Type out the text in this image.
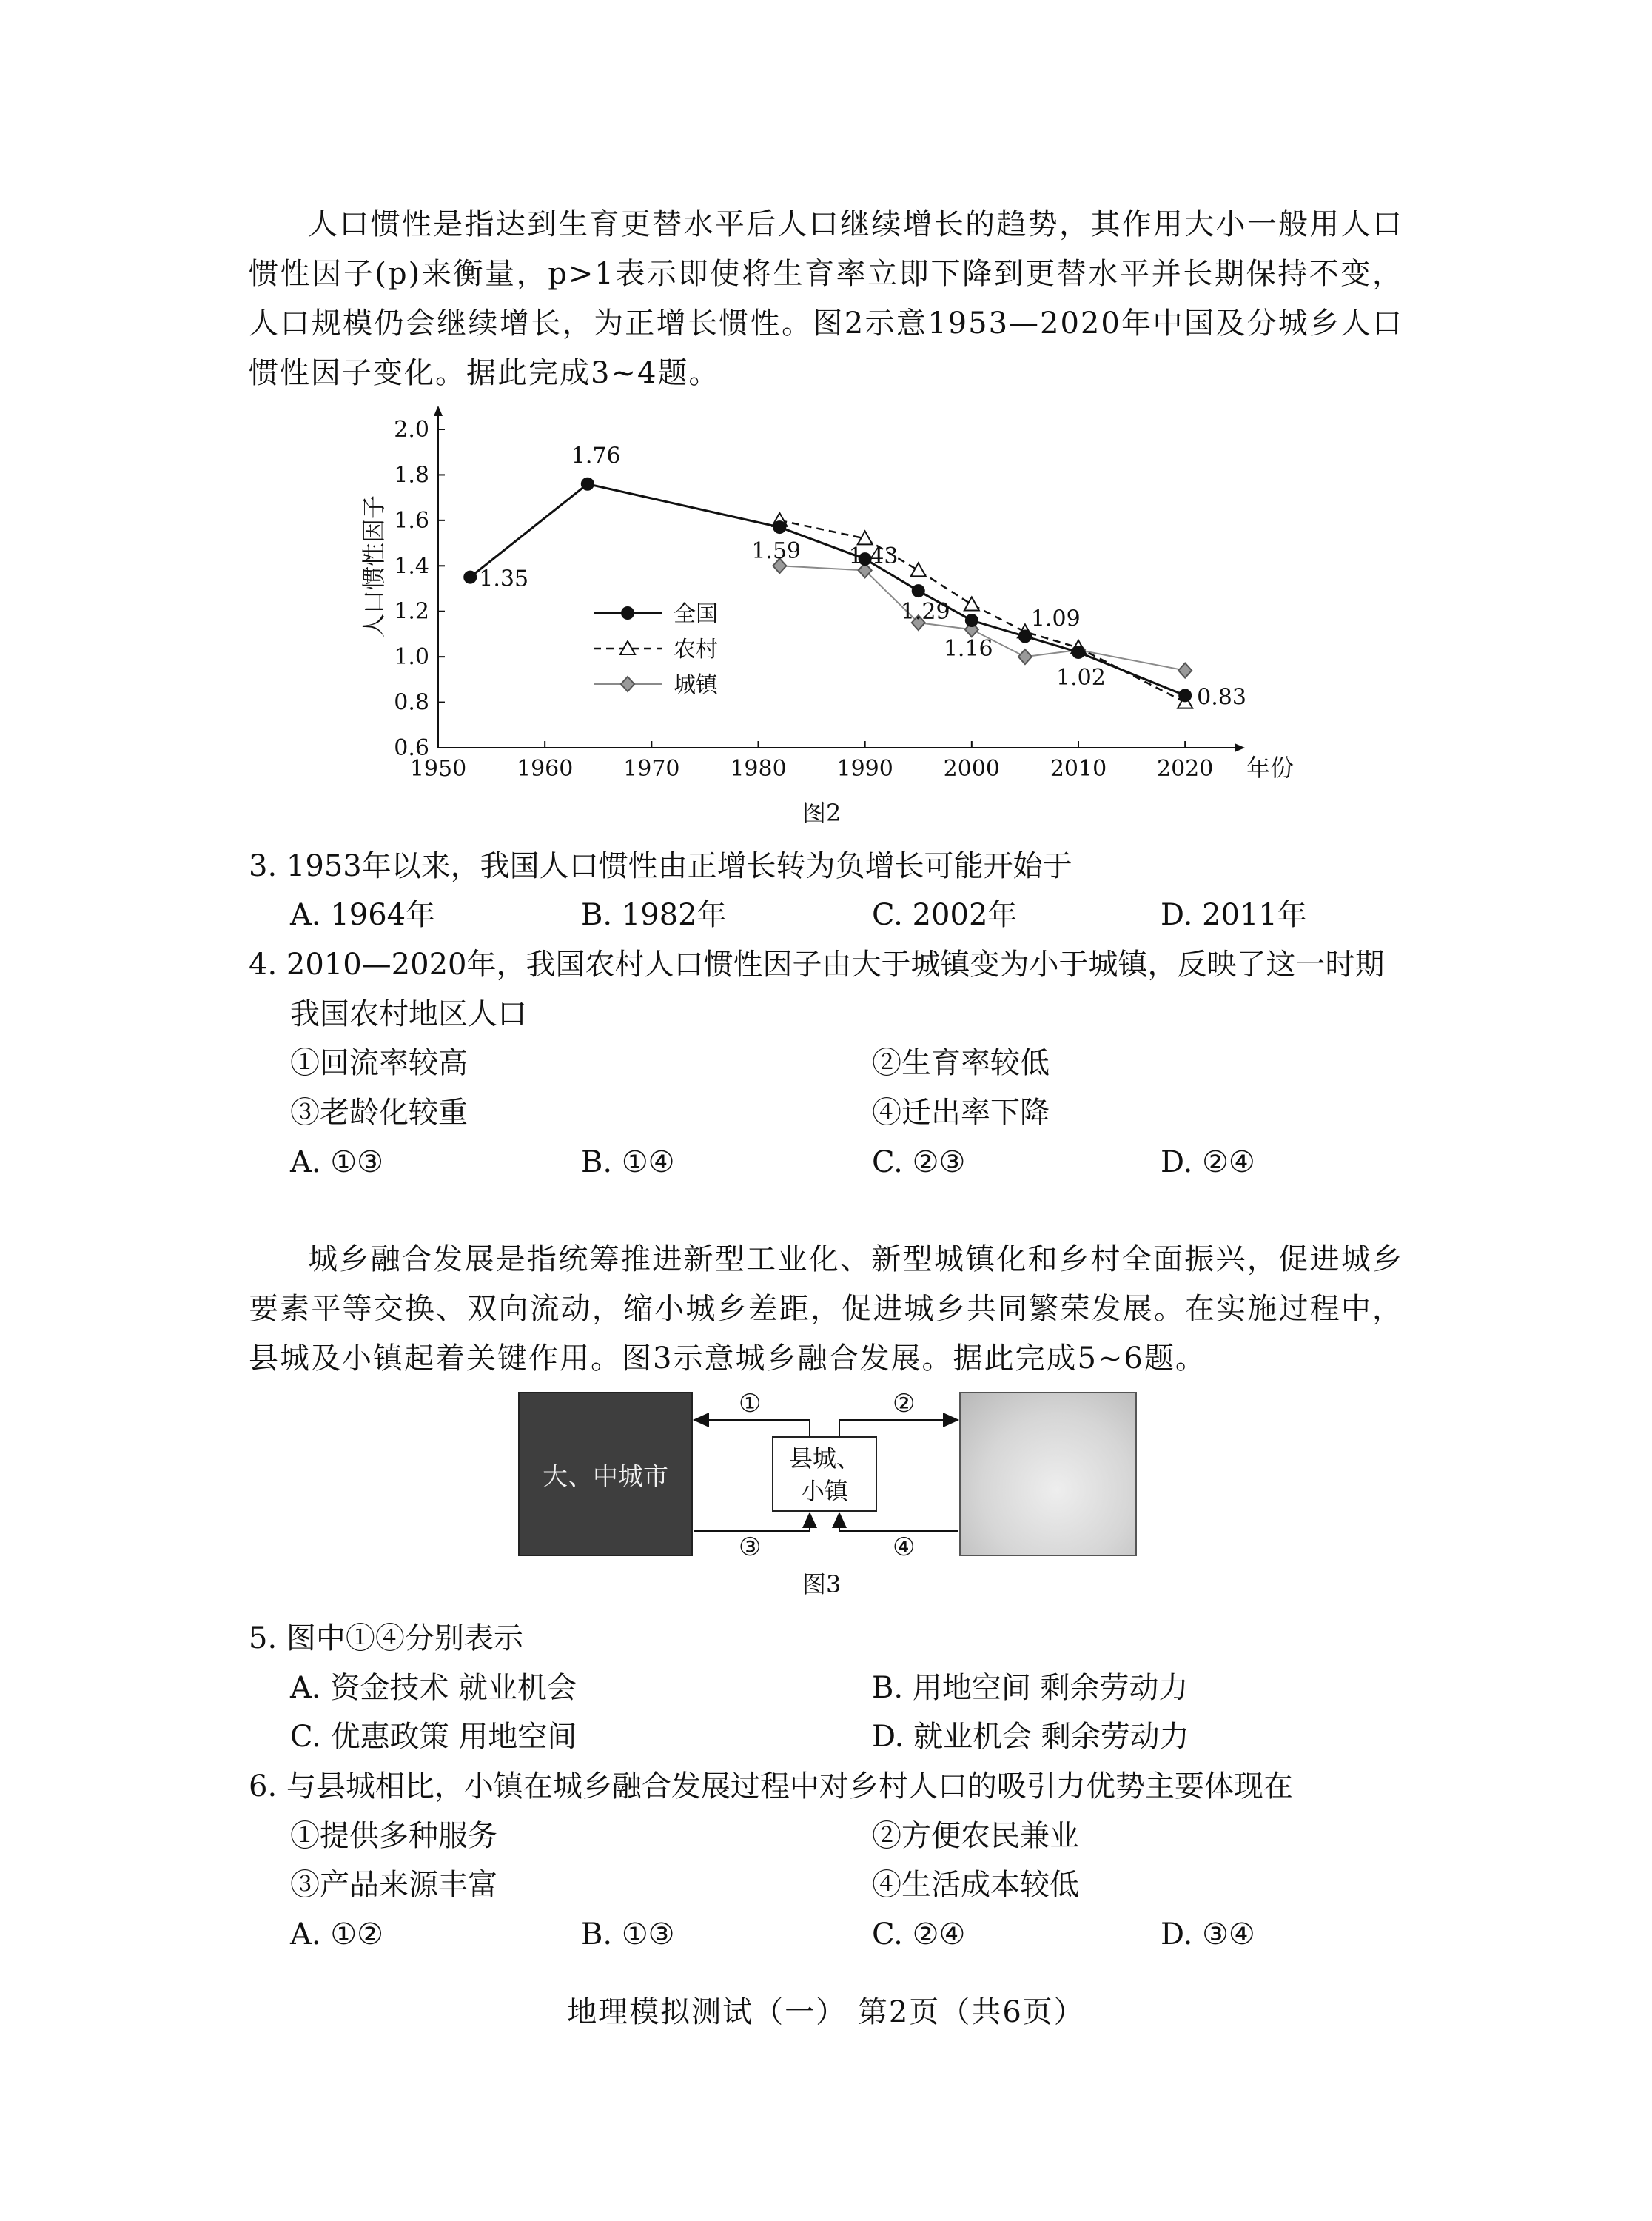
人口惯性是指达到生育更替水平后人口继续增长的趋势，其作用大小一般用人口惯性因子(p)来衡量，p>1表示即使将生育率立即下降到更替水平并长期保持不变，人口规模仍会继续增长，为正增长惯性。图2示意1953—2020年中国及分城乡人口惯性因子变化。据此完成3~4题。

1950 1960 1970 1980 1990 2000 2010 2020
0.6
0.8
1.0
1.2
1.4
1.6
1.8
2.0
年份
人口惯性因子	1.35
1.76
1.59 1.43
1.29
1.16
1.09
1.02
0.83
全国
农村
城镇
图2

3. 1953年以来，我国人口惯性由正增长转为负增长可能开始于

A. 1964年	B. 1982年	C. 2002年	D. 2011年

4. 2010—2020年，我国农村人口惯性因子由大于城镇变为小于城镇，反映了这一时期

我国农村地区人口
①回流率较高	②生育率较低
③老龄化较重	④迁出率下降
A. ①③	B. ①④	C. ②③	D. ②④

城乡融合发展是指统筹推进新型工业化、新型城镇化和乡村全面振兴，促进城乡要素平等交换、双向流动，缩小城乡差距，促进城乡共同繁荣发展。在实施过程中，县城及小镇起着关键作用。图3示意城乡融合发展。据此完成5~6题。

大、中城市
县城、
小镇
①	②
③	④
图3

5. 图中①④分别表示

A. 资金技术 就业机会	B. 用地空间 剩余劳动力
C. 优惠政策 用地空间	D. 就业机会 剩余劳动力

6. 与县城相比，小镇在城乡融合发展过程中对乡村人口的吸引力优势主要体现在

①提供多种服务	②方便农民兼业
③产品来源丰富	④生活成本较低
A. ①②	B. ①③	C. ②④	D. ③④
地理模拟测试（一） 第2页（共6页）
